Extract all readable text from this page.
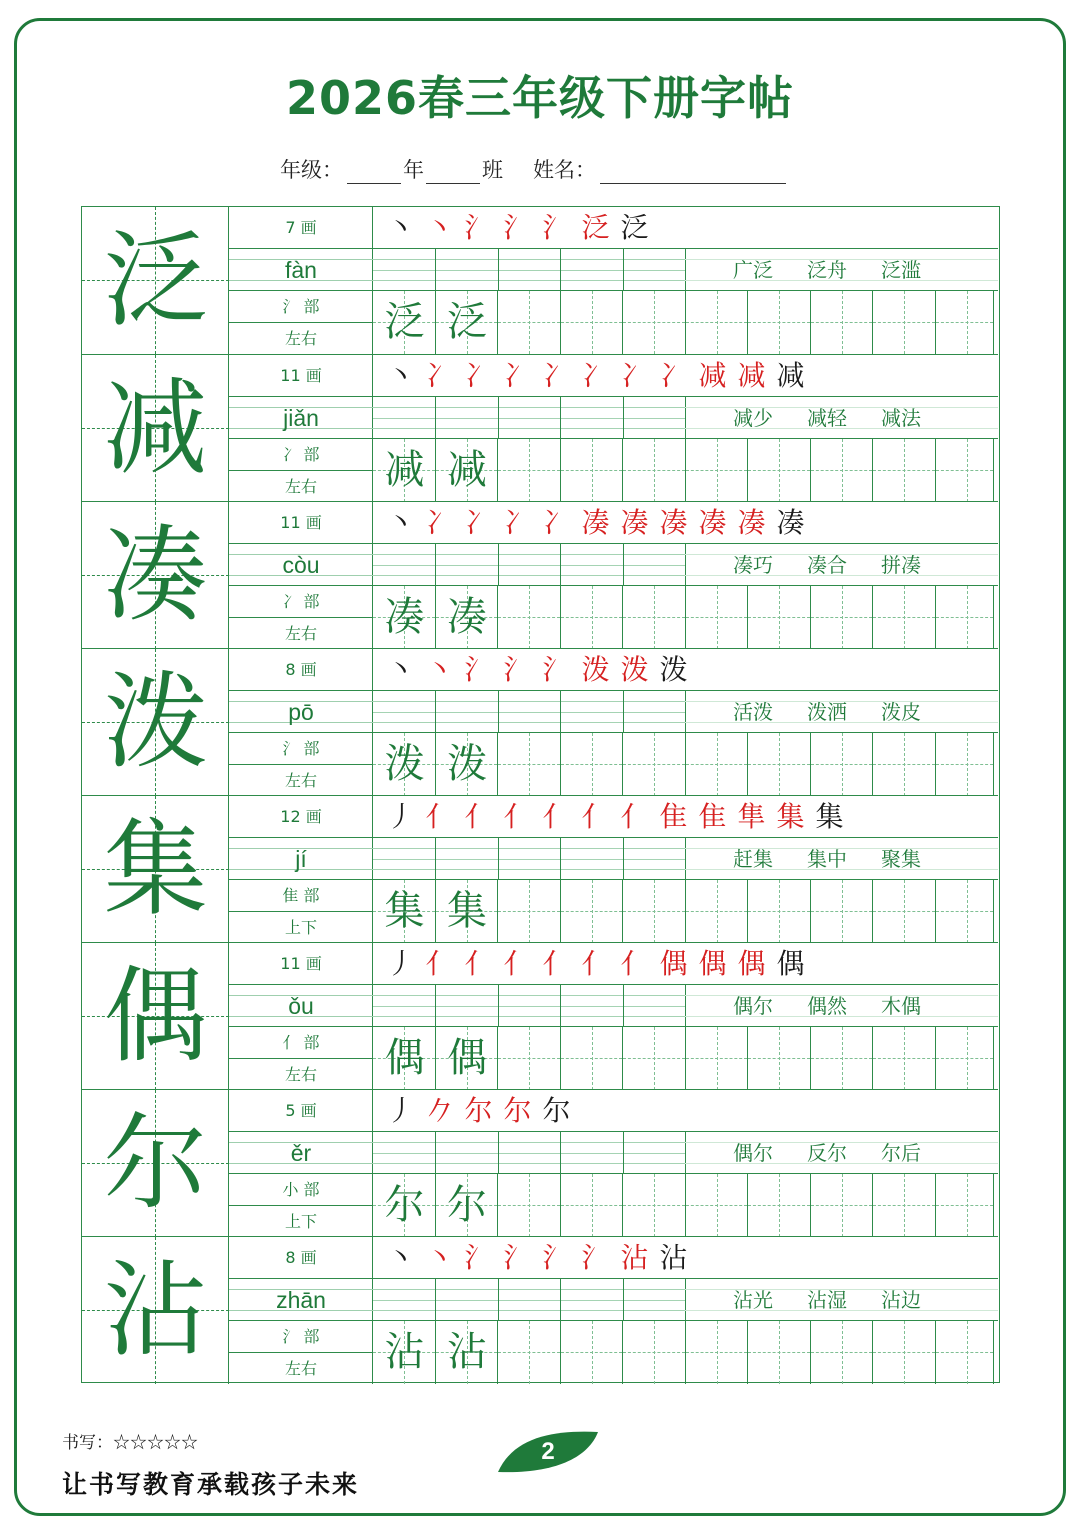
2026春三年级下册字帖
年级：	年	班 姓名：
泛	7 画
fàn
氵 部
左右
丶 丶 氵 氵 氵 泛 泛
广泛 泛舟 泛滥
泛 泛
减	11 画
jiǎn
冫 部
左右
丶 冫 冫 冫 冫 冫 冫 冫 减 减 减
减少 减轻 减法
减 减
凑	11 画
còu
冫 部
左右
丶 冫 冫 冫 冫 凑 凑 凑 凑 凑 凑
凑巧 凑合 拼凑
凑 凑
泼	8 画
pō
氵 部
左右
丶 丶 氵 氵 氵 泼 泼 泼
活泼 泼洒 泼皮
泼 泼
集	12 画
jí
隹 部
上下
丿 亻 亻 亻 亻 亻 亻 隹 隹 隼 集 集
赶集 集中 聚集
集 集
偶	11 画
ǒu
亻 部
左右
丿 亻 亻 亻 亻 亻 亻 偶 偶 偶 偶
偶尔 偶然 木偶
偶 偶
尔	5 画
ěr
小 部
上下
丿 𠂊 尔 尔 尔
偶尔 反尔 尔后
尔 尔
沾	8 画
zhān
氵 部
左右
丶 丶 氵 氵 氵 氵 沾 沾
沾光 沾湿 沾边
沾 沾
书写：☆☆☆☆☆
让书写教育承载孩子未来
2
